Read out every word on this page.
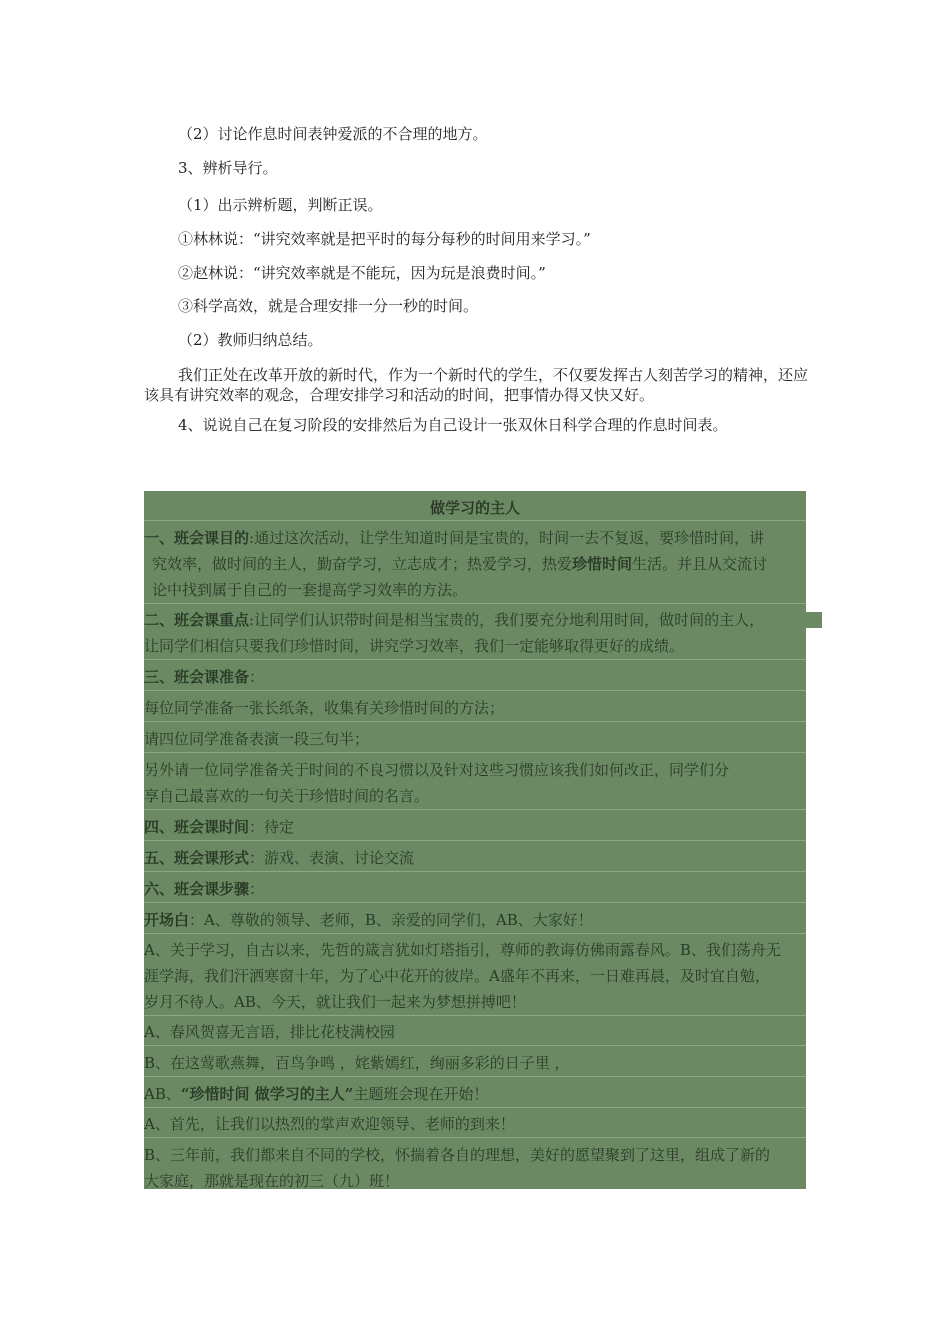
（2）讨论作息时间表钟爱派的不合理的地方。
3、辨析导行。
（1）出示辨析题，判断正误。
①林林说：“讲究效率就是把平时的每分每秒的时间用来学习。”
②赵林说：“讲究效率就是不能玩，因为玩是浪费时间。”
③科学高效，就是合理安排一分一秒的时间。
（2）教师归纳总结。
我们正处在改革开放的新时代，作为一个新时代的学生，不仅要发挥古人刻苦学习的精神，还应该具有讲究效率的观念，合理安排学习和活动的时间，把事情办得又快又好。
4、说说自己在复习阶段的安排然后为自己设计一张双休日科学合理的作息时间表。
做学习的主人
一、班会课目的:通过这次活动，让学生知道时间是宝贵的，时间一去不复返，要珍惜时间，讲
究效率，做时间的主人，勤奋学习，立志成才；热爱学习，热爱珍惜时间生活。并且从交流讨
论中找到属于自己的一套提高学习效率的方法。
二、班会课重点:让同学们认识带时间是相当宝贵的，我们要充分地利用时间，做时间的主人，
让同学们相信只要我们珍惜时间，讲究学习效率，我们一定能够取得更好的成绩。
三、班会课准备：
每位同学准备一张长纸条，收集有关珍惜时间的方法；
请四位同学准备表演一段三句半；
另外请一位同学准备关于时间的不良习惯以及针对这些习惯应该我们如何改正，同学们分
享自己最喜欢的一句关于珍惜时间的名言。
四、班会课时间：待定
五、班会课形式：游戏、表演、讨论交流
六、班会课步骤：
开场白：A、尊敬的领导、老师，B、亲爱的同学们，AB、大家好！
A、关于学习，自古以来，先哲的箴言犹如灯塔指引，尊师的教诲仿佛雨露春风。B、我们荡舟无
涯学海，我们汗洒寒窗十年，为了心中花开的彼岸。A盛年不再来，一日难再晨，及时宜自勉，
岁月不待人。AB、今天，就让我们一起来为梦想拼搏吧！
A、春风贺喜无言语，排比花枝满校园
B、在这莺歌燕舞，百鸟争鸣 ，姹紫嫣红，绚丽多彩的日子里 ，
AB、“珍惜时间 做学习的主人”主题班会现在开始！
A、首先，让我们以热烈的掌声欢迎领导、老师的到来！
B、三年前，我们都来自不同的学校，怀揣着各自的理想，美好的愿望聚到了这里，组成了新的
大家庭，那就是现在的初三（九）班！
